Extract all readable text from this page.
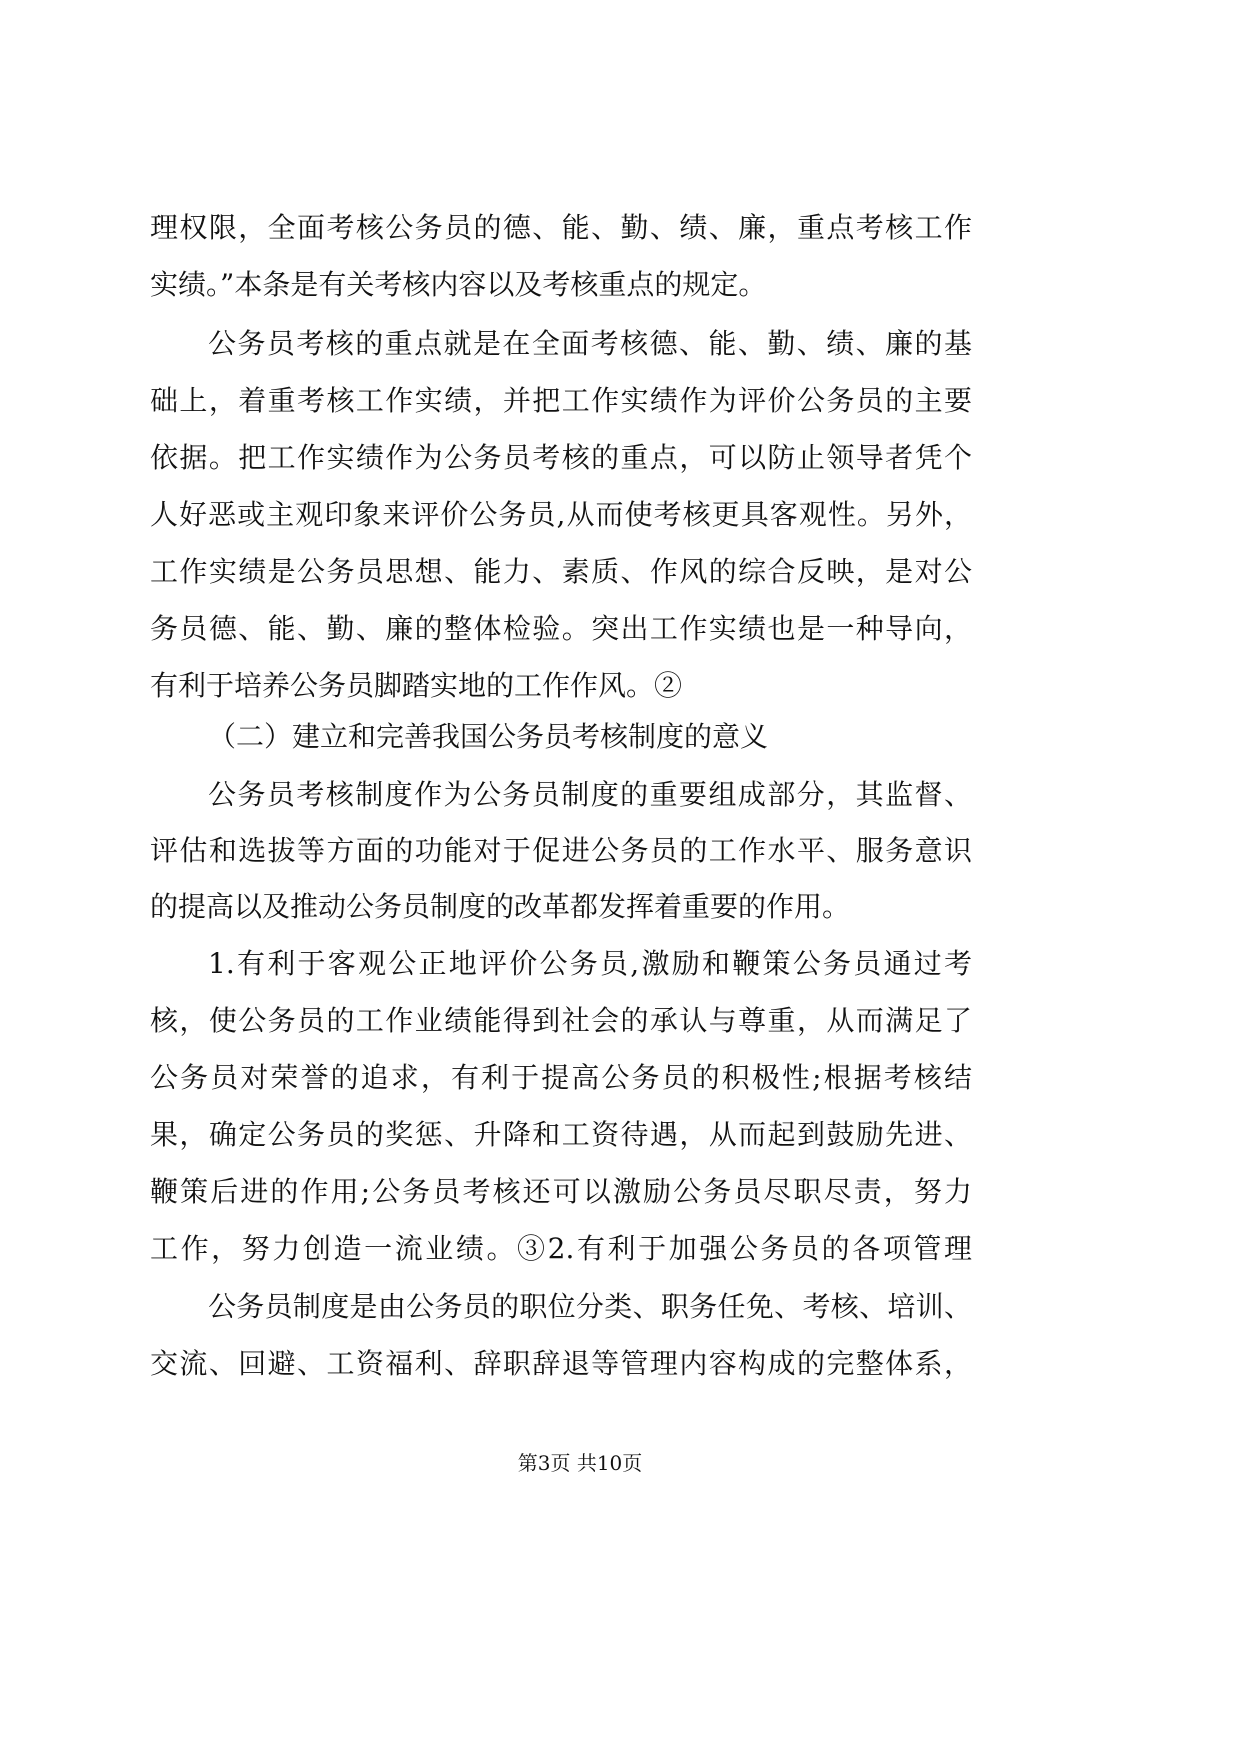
理权限，全面考核公务员的德、能、勤、绩、廉，重点考核工作
实绩。”本条是有关考核内容以及考核重点的规定。
公务员考核的重点就是在全面考核德、能、勤、绩、廉的基
础上，着重考核工作实绩，并把工作实绩作为评价公务员的主要
依据。把工作实绩作为公务员考核的重点，可以防止领导者凭个
人好恶或主观印象来评价公务员,从而使考核更具客观性。另外，
工作实绩是公务员思想、能力、素质、作风的综合反映，是对公
务员德、能、勤、廉的整体检验。突出工作实绩也是一种导向，
有利于培养公务员脚踏实地的工作作风。②
（二）建立和完善我国公务员考核制度的意义
公务员考核制度作为公务员制度的重要组成部分，其监督、
评估和选拔等方面的功能对于促进公务员的工作水平、服务意识
的提高以及推动公务员制度的改革都发挥着重要的作用。
1.有利于客观公正地评价公务员,激励和鞭策公务员通过考
核，使公务员的工作业绩能得到社会的承认与尊重，从而满足了
公务员对荣誉的追求，有利于提高公务员的积极性;根据考核结
果，确定公务员的奖惩、升降和工资待遇，从而起到鼓励先进、
鞭策后进的作用;公务员考核还可以激励公务员尽职尽责，努力
工作，努力创造一流业绩。③2.有利于加强公务员的各项管理
公务员制度是由公务员的职位分类、职务任免、考核、培训、
交流、回避、工资福利、辞职辞退等管理内容构成的完整体系，
第3页 共10页
